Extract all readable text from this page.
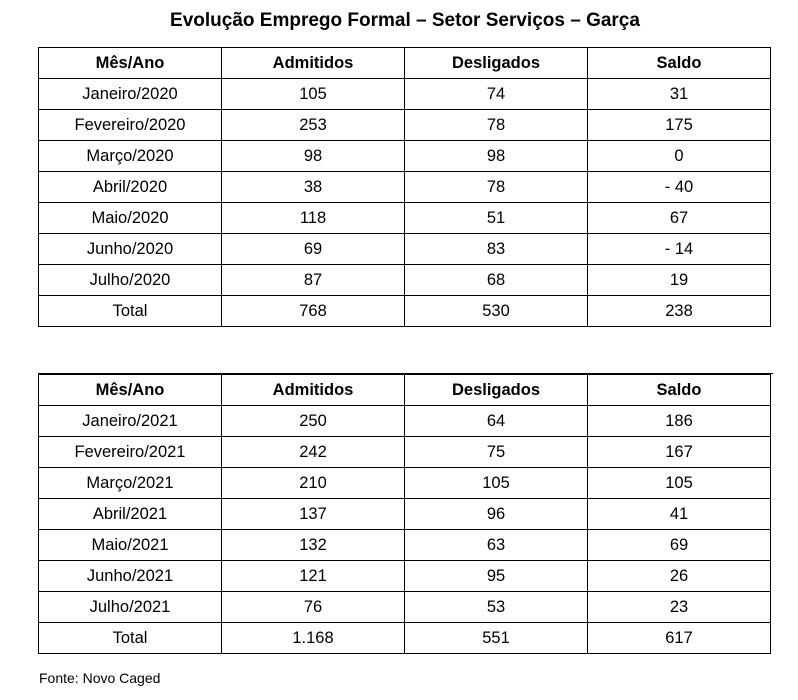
Evolução Emprego Formal – Setor Serviços – Garça
Mês/Ano	Admitidos	Desligados	Saldo
Janeiro/2020	105	74	31
Fevereiro/2020	253	78	175
Março/2020	98	98	0
Abril/2020	38	78	- 40
Maio/2020	118	51	67
Junho/2020	69	83	- 14
Julho/2020	87	68	19
Total	768	530	238
Mês/Ano	Admitidos	Desligados	Saldo
Janeiro/2021	250	64	186
Fevereiro/2021	242	75	167
Março/2021	210	105	105
Abril/2021	137	96	41
Maio/2021	132	63	69
Junho/2021	121	95	26
Julho/2021	76	53	23
Total	1.168	551	617
Fonte: Novo Caged
